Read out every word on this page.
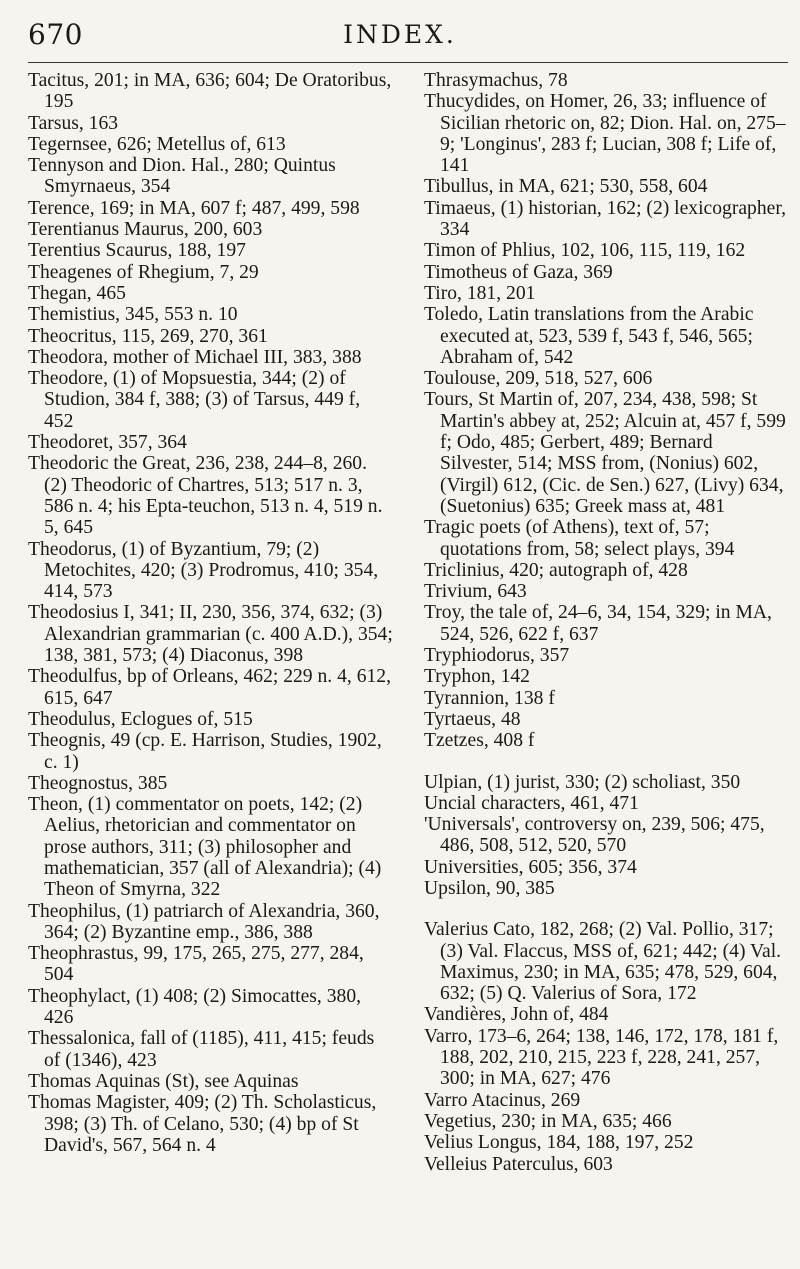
670	INDEX.
Tacitus, 201; in MA, 636; 604; De Oratoribus, 195
Tarsus, 163
Tegernsee, 626; Metellus of, 613
Tennyson and Dion. Hal., 280; Quintus Smyrnaeus, 354
Terence, 169; in MA, 607 f; 487, 499, 598
Terentianus Maurus, 200, 603
Terentius Scaurus, 188, 197
Theagenes of Rhegium, 7, 29
Thegan, 465
Themistius, 345, 553 n. 10
Theocritus, 115, 269, 270, 361
Theodora, mother of Michael III, 383, 388
Theodore, (1) of Mopsuestia, 344; (2) of Studion, 384 f, 388; (3) of Tarsus, 449 f, 452
Theodoret, 357, 364
Theodoric the Great, 236, 238, 244–8, 260. (2) Theodoric of Chartres, 513; 517 n. 3, 586 n. 4; his Epta-teuchon, 513 n. 4, 519 n. 5, 645
Theodorus, (1) of Byzantium, 79; (2) Metochites, 420; (3) Prodromus, 410; 354, 414, 573
Theodosius I, 341; II, 230, 356, 374, 632; (3) Alexandrian grammarian (c. 400 A.D.), 354; 138, 381, 573; (4) Diaconus, 398
Theodulfus, bp of Orleans, 462; 229 n. 4, 612, 615, 647
Theodulus, Eclogues of, 515
Theognis, 49 (cp. E. Harrison, Studies, 1902, c. 1)
Theognostus, 385
Theon, (1) commentator on poets, 142; (2) Aelius, rhetorician and commentator on prose authors, 311; (3) philosopher and mathematician, 357 (all of Alexandria); (4) Theon of Smyrna, 322
Theophilus, (1) patriarch of Alexandria, 360, 364; (2) Byzantine emp., 386, 388
Theophrastus, 99, 175, 265, 275, 277, 284, 504
Theophylact, (1) 408; (2) Simocattes, 380, 426
Thessalonica, fall of (1185), 411, 415; feuds of (1346), 423
Thomas Aquinas (St), see Aquinas
Thomas Magister, 409; (2) Th. Scholasticus, 398; (3) Th. of Celano, 530; (4) bp of St David's, 567, 564 n. 4
Thrasymachus, 78
Thucydides, on Homer, 26, 33; influence of Sicilian rhetoric on, 82; Dion. Hal. on, 275–9; 'Longinus', 283 f; Lucian, 308 f; Life of, 141
Tibullus, in MA, 621; 530, 558, 604
Timaeus, (1) historian, 162; (2) lexicographer, 334
Timon of Phlius, 102, 106, 115, 119, 162
Timotheus of Gaza, 369
Tiro, 181, 201
Toledo, Latin translations from the Arabic executed at, 523, 539 f, 543 f, 546, 565; Abraham of, 542
Toulouse, 209, 518, 527, 606
Tours, St Martin of, 207, 234, 438, 598; St Martin's abbey at, 252; Alcuin at, 457 f, 599 f; Odo, 485; Gerbert, 489; Bernard Silvester, 514; MSS from, (Nonius) 602, (Virgil) 612, (Cic. de Sen.) 627, (Livy) 634, (Suetonius) 635; Greek mass at, 481
Tragic poets (of Athens), text of, 57; quotations from, 58; select plays, 394
Triclinius, 420; autograph of, 428
Trivium, 643
Troy, the tale of, 24–6, 34, 154, 329; in MA, 524, 526, 622 f, 637
Tryphiodorus, 357
Tryphon, 142
Tyrannion, 138 f
Tyrtaeus, 48
Tzetzes, 408 f
Ulpian, (1) jurist, 330; (2) scholiast, 350
Uncial characters, 461, 471
'Universals', controversy on, 239, 506; 475, 486, 508, 512, 520, 570
Universities, 605; 356, 374
Upsilon, 90, 385
Valerius Cato, 182, 268; (2) Val. Pollio, 317; (3) Val. Flaccus, MSS of, 621; 442; (4) Val. Maximus, 230; in MA, 635; 478, 529, 604, 632; (5) Q. Valerius of Sora, 172
Vandières, John of, 484
Varro, 173–6, 264; 138, 146, 172, 178, 181 f, 188, 202, 210, 215, 223 f, 228, 241, 257, 300; in MA, 627; 476
Varro Atacinus, 269
Vegetius, 230; in MA, 635; 466
Velius Longus, 184, 188, 197, 252
Velleius Paterculus, 603
